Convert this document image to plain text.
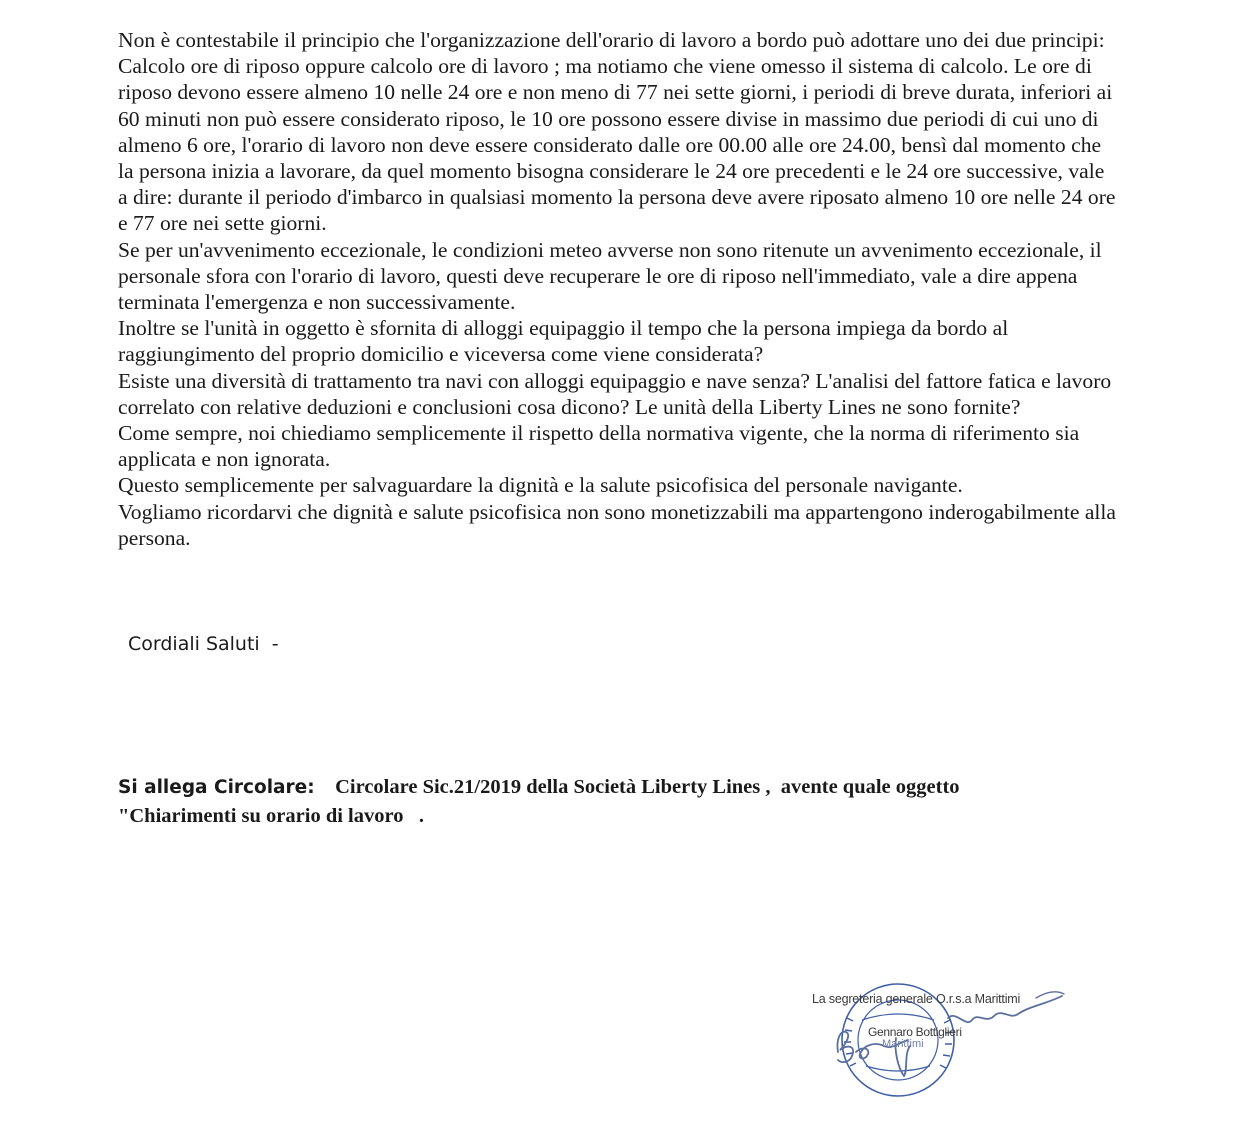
Non è contestabile il principio che l'organizzazione dell'orario di lavoro a bordo può adottare uno dei due principi:

Calcolo ore di riposo oppure calcolo ore di lavoro ; ma notiamo che viene omesso il sistema di calcolo. Le ore di riposo devono essere almeno 10 nelle 24 ore e non meno di 77 nei sette giorni, i periodi di breve durata, inferiori ai 60 minuti non può essere considerato riposo, le 10 ore possono essere divise in massimo due periodi di cui uno di almeno 6 ore, l'orario di lavoro non deve essere considerato dalle ore 00.00 alle ore 24.00, bensì dal momento che la persona inizia a lavorare, da quel momento bisogna considerare le 24 ore precedenti e le 24 ore successive, vale a dire: durante il periodo d'imbarco in qualsiasi momento la persona deve avere riposato almeno 10 ore nelle 24 ore e 77 ore nei sette giorni.

Se per un'avvenimento eccezionale, le condizioni meteo avverse non sono ritenute un avvenimento eccezionale, il personale sfora con l'orario di lavoro, questi deve recuperare le ore di riposo nell'immediato, vale a dire appena terminata l'emergenza e non successivamente.

Inoltre se l'unità in oggetto è sfornita di alloggi equipaggio il tempo che la persona impiega da bordo al raggiungimento del proprio domicilio e viceversa come viene considerata?

Esiste una diversità di trattamento tra navi con alloggi equipaggio e nave senza? L'analisi del fattore fatica e lavoro correlato con relative deduzioni e conclusioni cosa dicono? Le unità della Liberty Lines ne sono fornite?

Come sempre, noi chiediamo semplicemente il rispetto della normativa vigente, che la norma di riferimento sia applicata e non ignorata.

Questo semplicemente per salvaguardare la dignità e la salute psicofisica del personale navigante.

Vogliamo ricordarvi che dignità e salute psicofisica non sono monetizzabili ma appartengono inderogabilmente alla persona.

Cordiali Saluti  -
Si allega Circolare: Circolare Sic.21/2019 della Società Liberty Lines ,  avente quale oggetto
"Chiarimenti su orario di lavoro   .
La segreteria generale O.r.s.a Marittimi
Gennaro Bottiglieri
Marittimi
